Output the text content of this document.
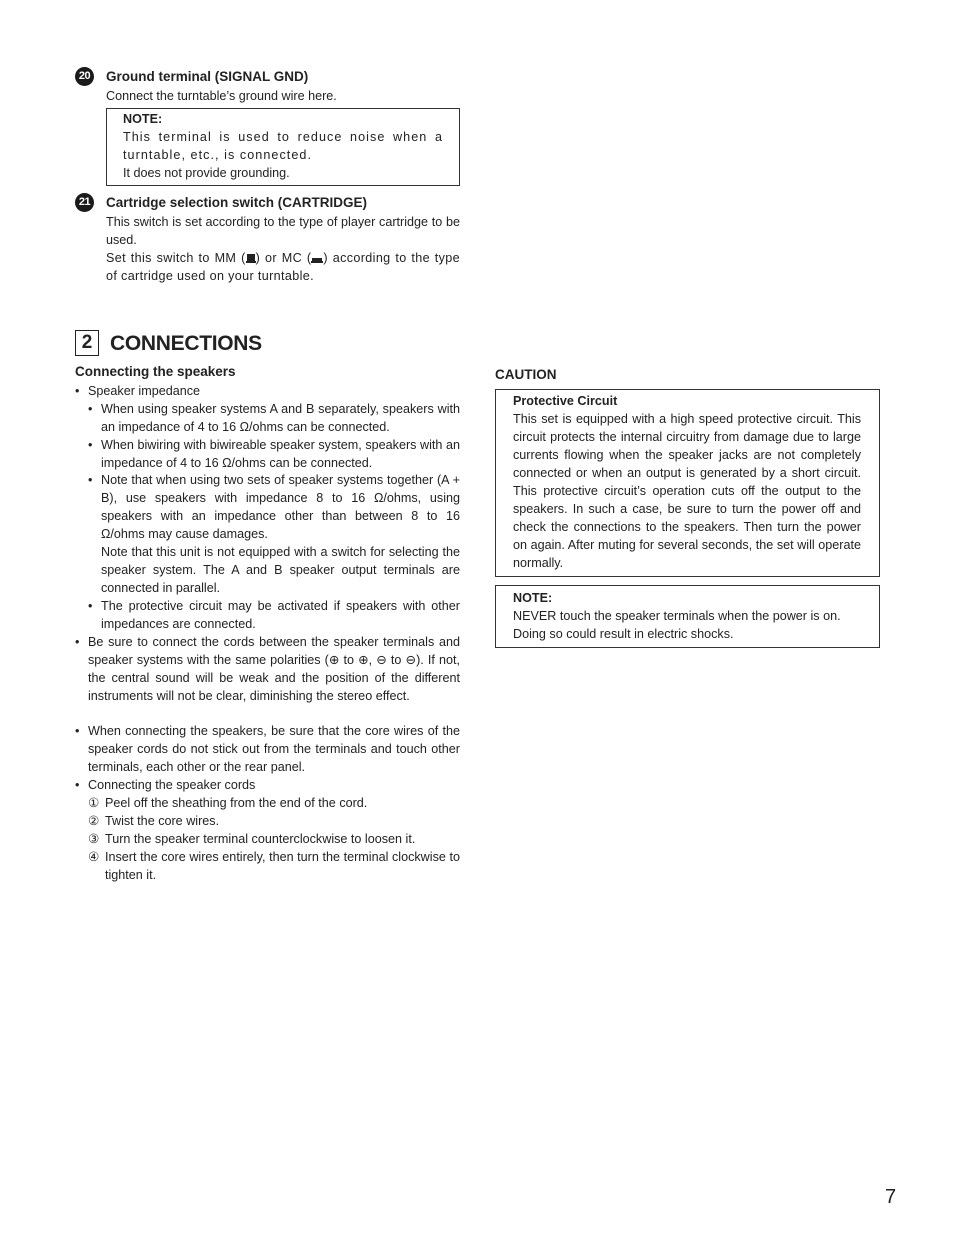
20 Ground terminal (SIGNAL GND)
Connect the turntable’s ground wire here.
NOTE:
This terminal is used to reduce noise when a turntable, etc., is connected.
It does not provide grounding.
21 Cartridge selection switch (CARTRIDGE)
This switch is set according to the type of player cartridge to be used.
Set this switch to MM ( ) or MC ( ) according to the type of cartridge used on your turntable.
2 CONNECTIONS
Connecting the speakers
• Speaker impedance
• When using speaker systems A and B separately, speakers with an impedance of 4 to 16 Ω/ohms can be connected.
• When biwiring with biwireable speaker system, speakers with an impedance of 4 to 16 Ω/ohms can be connected.
• Note that when using two sets of speaker systems together (A + B), use speakers with impedance 8 to 16 Ω/ohms, using speakers with an impedance other than between 8 to 16 Ω/ohms may cause damages.
Note that this unit is not equipped with a switch for selecting the speaker system. The A and B speaker output terminals are connected in parallel.
• The protective circuit may be activated if speakers with other impedances are connected.
• Be sure to connect the cords between the speaker terminals and speaker systems with the same polarities (⊕ to ⊕, ⊖ to ⊖). If not, the central sound will be weak and the position of the different instruments will not be clear, diminishing the stereo effect.
• When connecting the speakers, be sure that the core wires of the speaker cords do not stick out from the terminals and touch other terminals, each other or the rear panel.
• Connecting the speaker cords
① Peel off the sheathing from the end of the cord.
② Twist the core wires.
③ Turn the speaker terminal counterclockwise to loosen it.
④ Insert the core wires entirely, then turn the terminal clockwise to tighten it.
CAUTION
Protective Circuit
This set is equipped with a high speed protective circuit. This circuit protects the internal circuitry from damage due to large currents flowing when the speaker jacks are not completely connected or when an output is generated by a short circuit. This protective circuit’s operation cuts off the output to the speakers. In such a case, be sure to turn the power off and check the connections to the speakers. Then turn the power on again. After muting for several seconds, the set will operate normally.
NOTE:
NEVER touch the speaker terminals when the power is on. Doing so could result in electric shocks.
7
